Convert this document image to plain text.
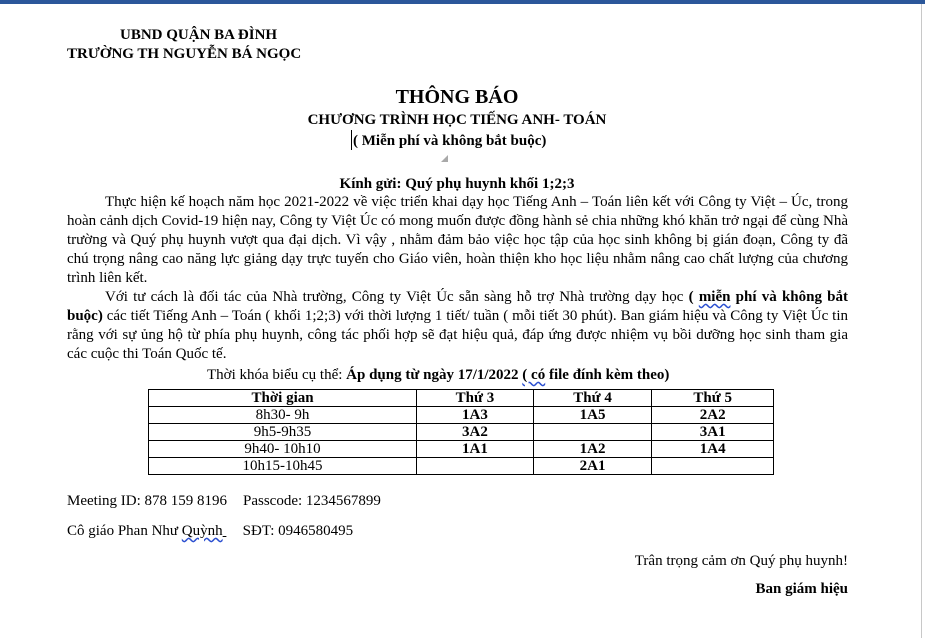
UBND QUẬN BA ĐÌNH
TRƯỜNG TH NGUYỄN BÁ NGỌC
THÔNG BÁO
CHƯƠNG TRÌNH HỌC TIẾNG ANH- TOÁN
( Miễn phí và không bắt buộc)
Kính gửi: Quý phụ huynh khối 1;2;3
Thực hiện kế hoạch năm học 2021-2022 về việc triển khai dạy học Tiếng Anh – Toán liên kết với Công ty Việt – Úc, trong hoàn cảnh dịch Covid-19 hiện nay, Công ty Việt Úc có mong muốn được đồng hành sẻ chia những khó khăn trở ngại để cùng Nhà trường và Quý phụ huynh vượt qua đại dịch. Vì vậy , nhằm đảm bảo việc học tập của học sinh không bị gián đoạn, Công ty đã chú trọng nâng cao năng lực giảng dạy trực tuyến cho Giáo viên, hoàn thiện kho học liệu nhằm nâng cao chất lượng của chương trình liên kết.
Với tư cách là đối tác của Nhà trường, Công ty Việt Úc sẵn sàng hỗ trợ Nhà trường dạy học ( miễn phí và không bắt buộc) các tiết Tiếng Anh – Toán ( khối 1;2;3) với thời lượng 1 tiết/ tuần ( mỗi tiết 30 phút). Ban giám hiệu và Công ty Việt Úc tin rằng với sự ủng hộ từ phía phụ huynh, công tác phối hợp sẽ đạt hiệu quả, đáp ứng được nhiệm vụ bồi dưỡng học sinh tham gia các cuộc thi Toán Quốc tế.
Thời khóa biểu cụ thể: Áp dụng từ ngày 17/1/2022 ( có file đính kèm theo)
Thời gian	Thứ 3	Thứ 4	Thứ 5
8h30- 9h	1A3	1A5	2A2
9h5-9h35	3A2		3A1
9h40- 10h10	1A1	1A2	1A4
10h15-10h45		2A1	
Meeting ID: 878 159 8196 Passcode: 1234567899
Cô giáo Phan Như Quỳnh SĐT: 0946580495
Trân trọng cảm ơn Quý phụ huynh!
Ban giám hiệu
